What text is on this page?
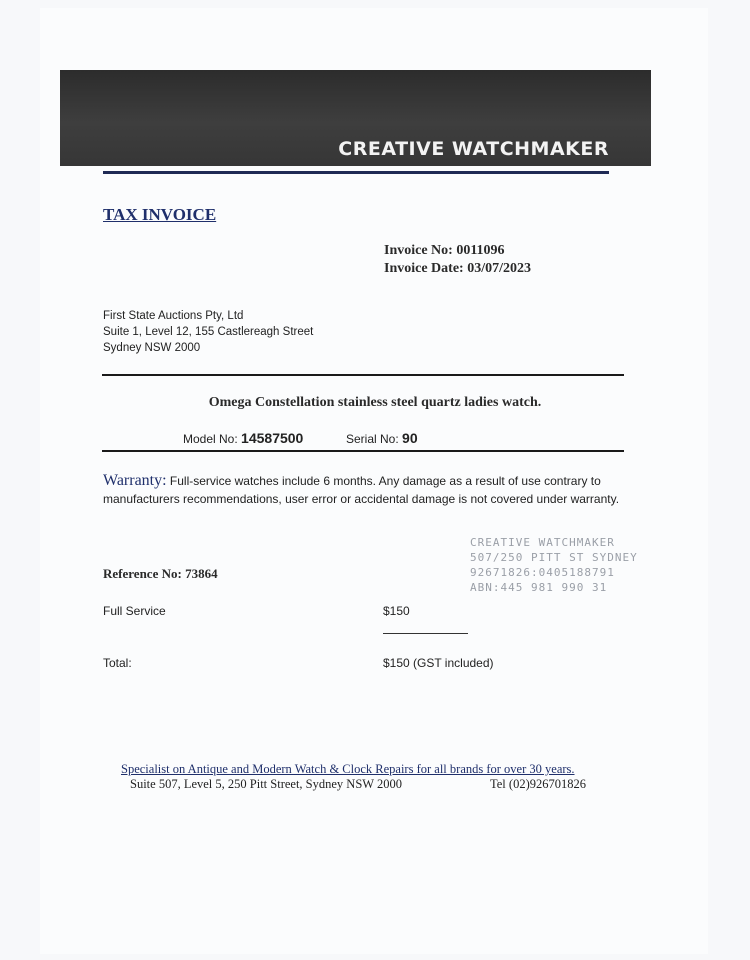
CREATIVE WATCHMAKER
TAX INVOICE
Invoice No: 0011096
Invoice Date: 03/07/2023
First State Auctions Pty, Ltd
Suite 1, Level 12, 155 Castlereagh Street
Sydney NSW 2000
Omega Constellation stainless steel quartz ladies watch.
Model No: 14587500	Serial No: 90
Warranty: Full-service watches include 6 months. Any damage as a result of use contrary to manufacturers recommendations, user error or accidental damage is not covered under warranty.
CREATIVE WATCHMAKER
507/250 PITT ST SYDNEY
92671826:0405188791
ABN:445 981 990 31
Reference No: 73864
Full Service	$150
Total:	$150 (GST included)
Specialist on Antique and Modern Watch & Clock Repairs for all brands for over 30 years.
Suite 507, Level 5, 250 Pitt Street, Sydney NSW 2000	Tel (02)926701826
